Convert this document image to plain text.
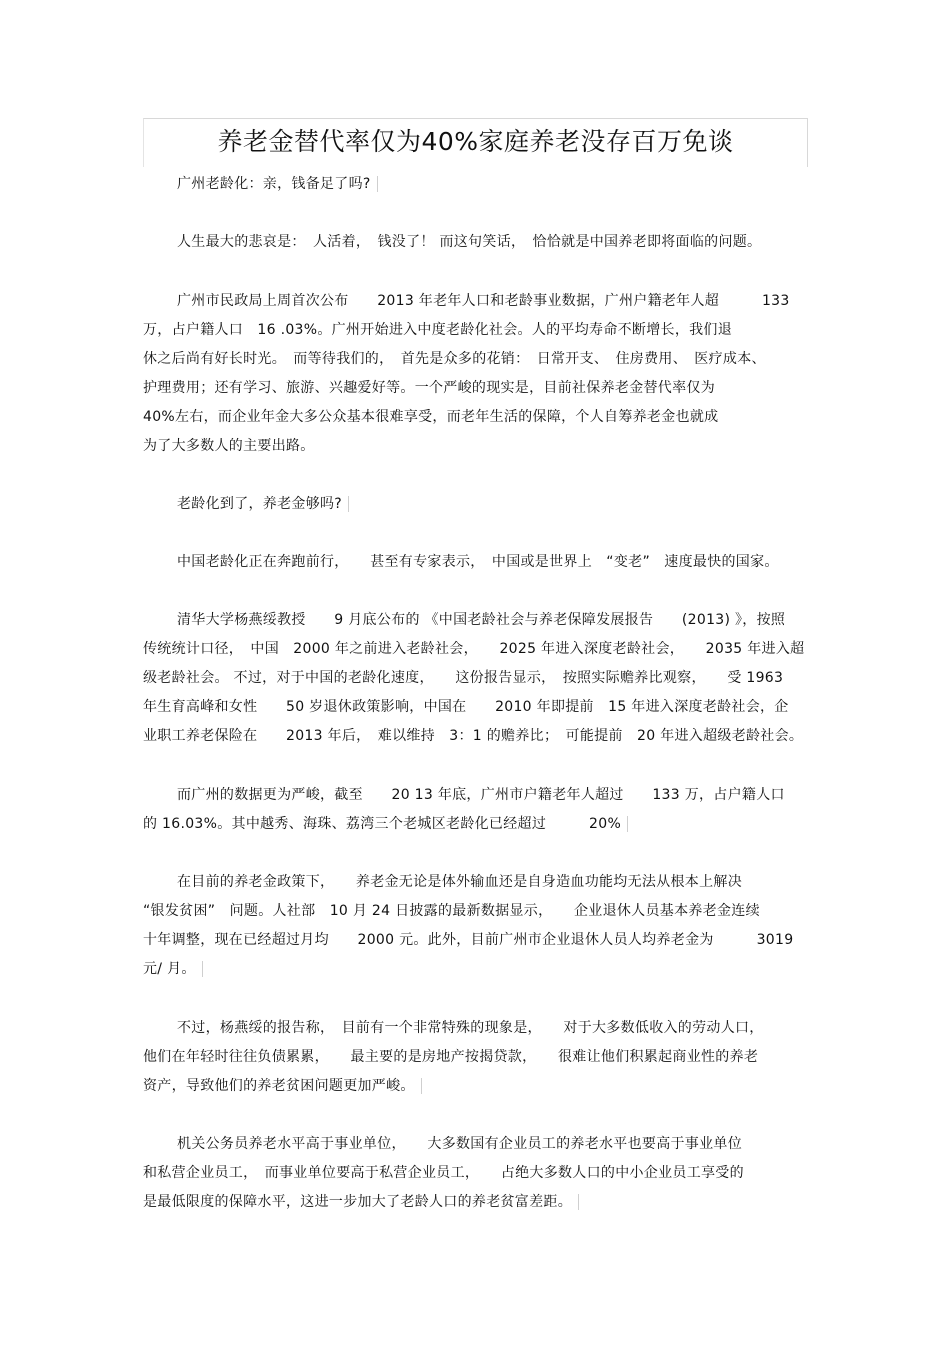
养老金替代率仅为40%家庭养老没存百万免谈
广州老龄化：亲，钱备足了吗?
人生最大的悲哀是：　人活着，　钱没了！ 而这句笑话，　恰恰就是中国养老即将面临的问题。
广州市民政局上周首次公布　　2013 年老年人口和老龄事业数据，广州户籍老年人超　　　133
万，占户籍人口　16 .03%。广州开始进入中度老龄化社会。人的平均寿命不断增长，我们退
休之后尚有好长时光。　而等待我们的，　首先是众多的花销：　日常开支、　住房费用、　医疗成本、
护理费用；还有学习、旅游、兴趣爱好等。一个严峻的现实是，目前社保养老金替代率仅为
40%左右，而企业年金大多公众基本很难享受，而老年生活的保障，个人自筹养老金也就成
为了大多数人的主要出路。
老龄化到了，养老金够吗?
中国老龄化正在奔跑前行，　　甚至有专家表示，　中国或是世界上　“变老”　速度最快的国家。
清华大学杨燕绥教授　　9 月底公布的 《中国老龄社会与养老保障发展报告　　(2013) 》，按照
传统统计口径，　中国　2000 年之前进入老龄社会，　　2025 年进入深度老龄社会，　　2035 年进入超
级老龄社会。 不过，对于中国的老龄化速度，　　这份报告显示，　按照实际赡养比观察，　　受 1963
年生育高峰和女性　　50 岁退休政策影响，中国在　　2010 年即提前　15 年进入深度老龄社会，企
业职工养老保险在　　2013 年后，　难以维持　3：1 的赡养比；　可能提前　20 年进入超级老龄社会。
而广州的数据更为严峻，截至　　20 13 年底，广州市户籍老年人超过　　133 万，占户籍人口
的 16.03%。其中越秀、海珠、荔湾三个老城区老龄化已经超过　　　20%
在目前的养老金政策下，　　养老金无论是体外输血还是自身造血功能均无法从根本上解决
“银发贫困”　问题。人社部　10 月 24 日披露的最新数据显示，　　企业退休人员基本养老金连续
十年调整，现在已经超过月均　　2000 元。此外，目前广州市企业退休人员人均养老金为　　　3019
元/ 月。
不过，杨燕绥的报告称，　目前有一个非常特殊的现象是，　　对于大多数低收入的劳动人口，
他们在年轻时往往负债累累，　　最主要的是房地产按揭贷款，　　很难让他们积累起商业性的养老
资产，导致他们的养老贫困问题更加严峻。
机关公务员养老水平高于事业单位，　　大多数国有企业员工的养老水平也要高于事业单位
和私营企业员工，　而事业单位要高于私营企业员工，　　占绝大多数人口的中小企业员工享受的
是最低限度的保障水平，这进一步加大了老龄人口的养老贫富差距。
